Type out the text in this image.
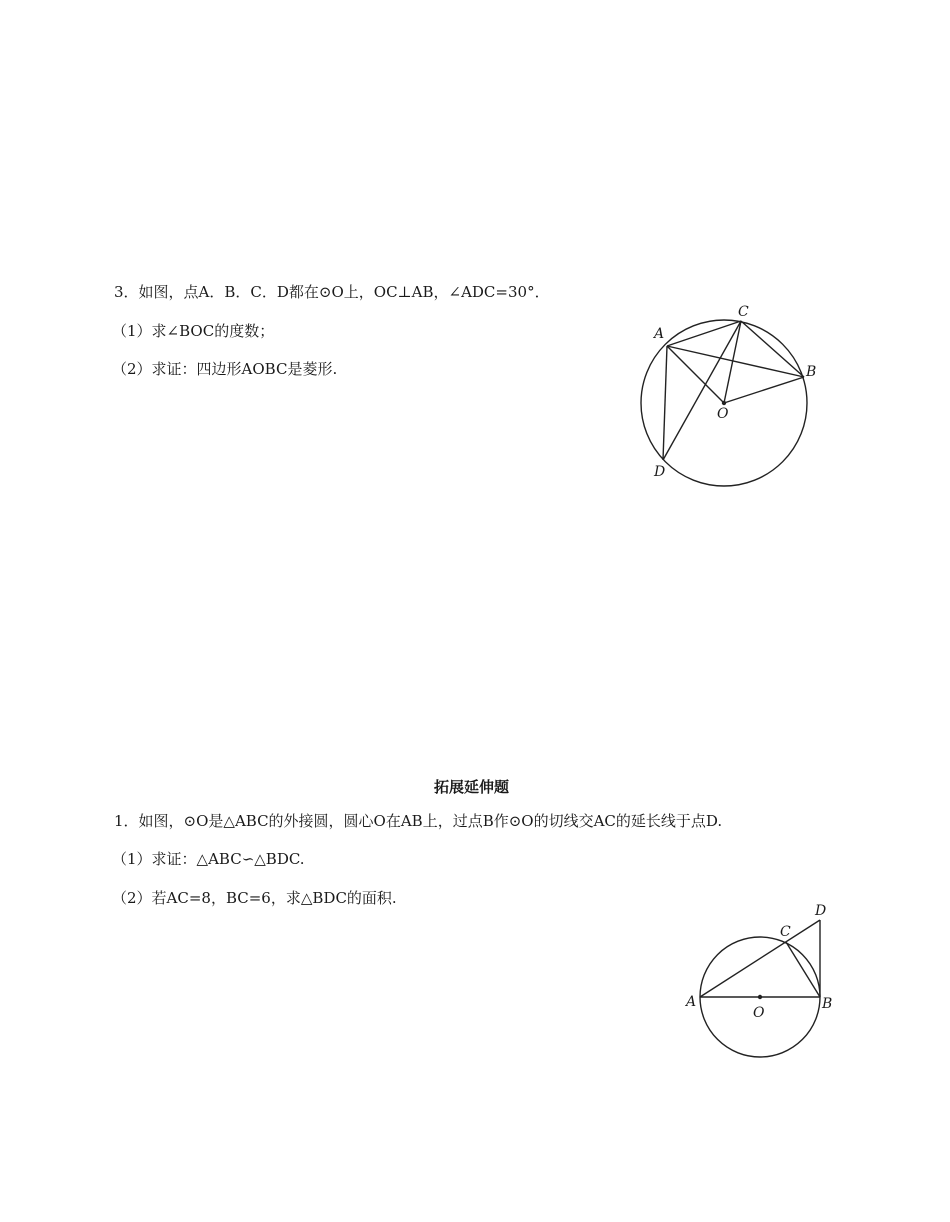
3．如图，点A．B．C．D都在⊙O上，OC⊥AB，∠ADC=30°．
（1）求∠BOC的度数；
（2）求证：四边形AOBC是菱形.
A
C
B
O
D
拓展延伸题
1．如图，⊙O是△ABC的外接圆，圆心O在AB上，过点B作⊙O的切线交AC的延长线于点D.
（1）求证：△ABC∽△BDC.
（2）若AC=8，BC=6，求△BDC的面积.
A	B
C
D
O
